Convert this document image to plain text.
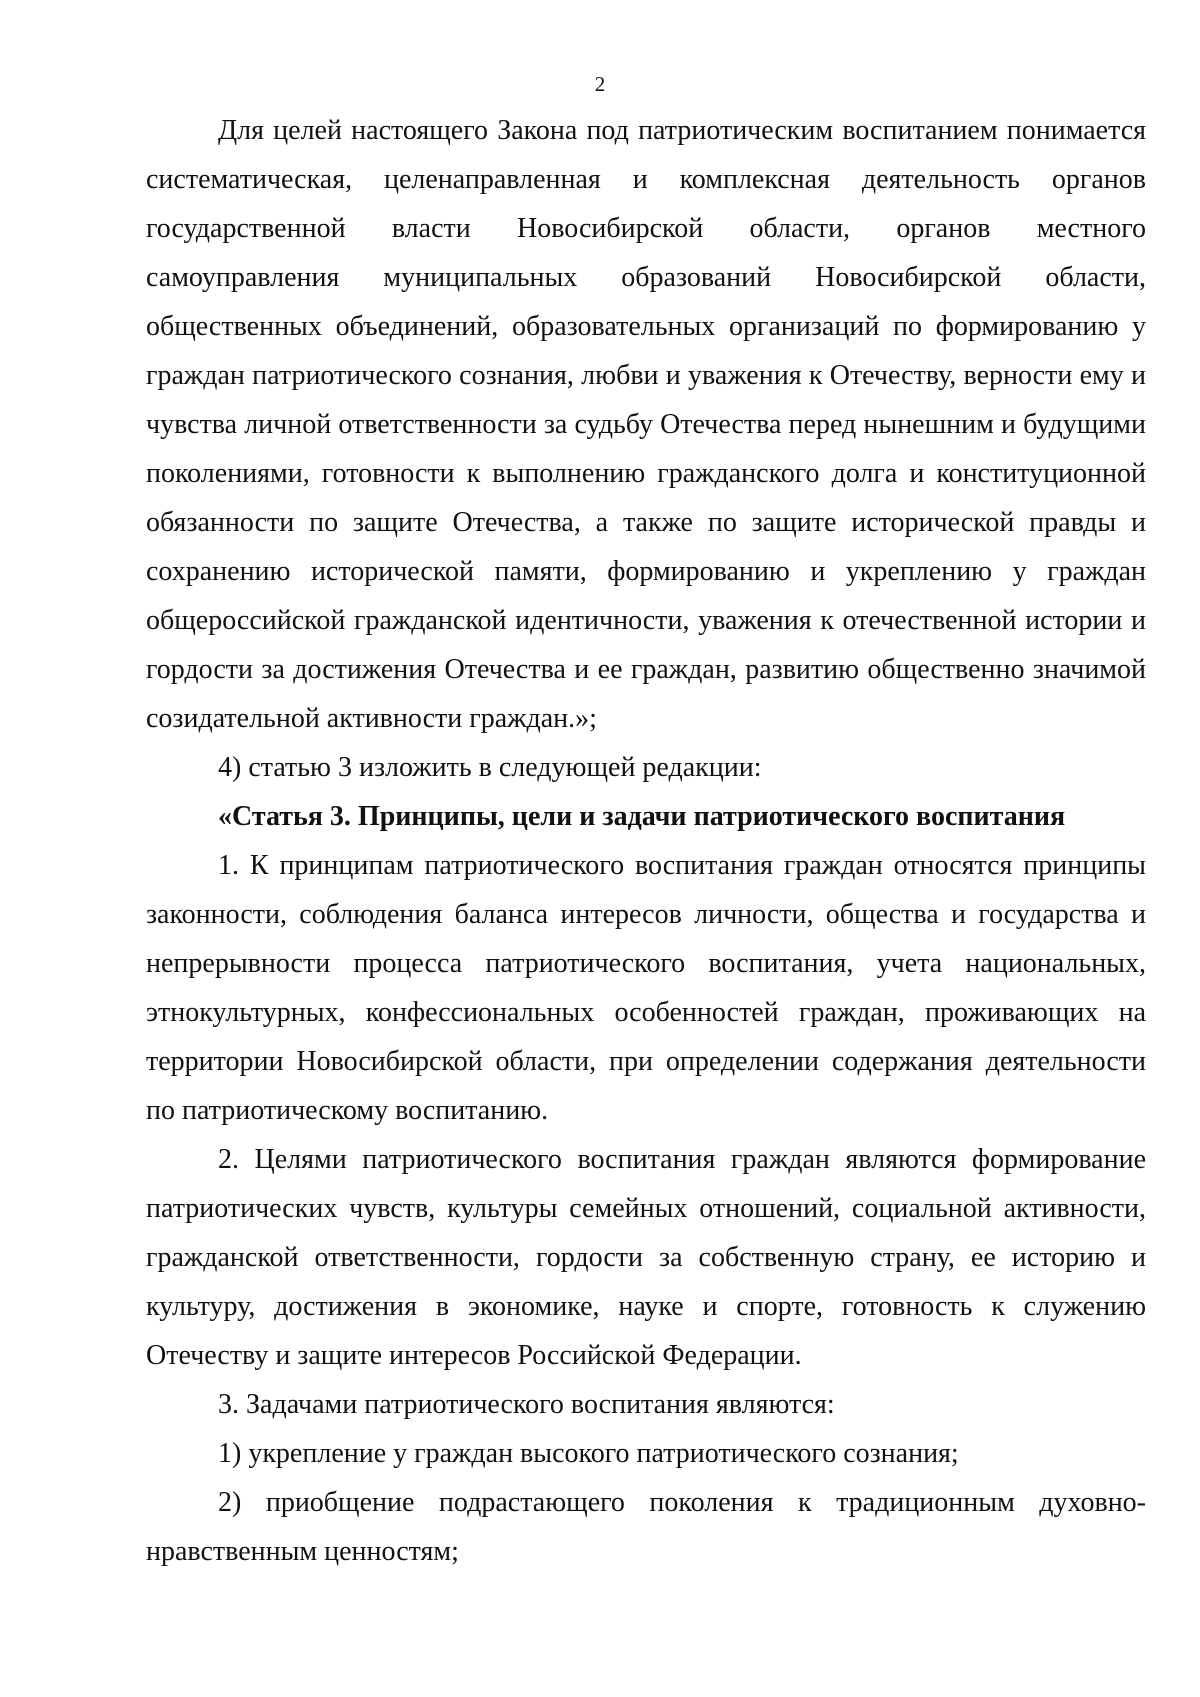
2

Для целей настоящего Закона под патриотическим воспитанием понимается систематическая, целенаправленная и комплексная деятельность органов государственной власти Новосибирской области, органов местного самоуправления муниципальных образований Новосибирской области, общественных объединений, образовательных организаций по формированию у граждан патриотического сознания, любви и уважения к Отечеству, верности ему и чувства личной ответственности за судьбу Отечества перед нынешним и будущими поколениями, готовности к выполнению гражданского долга и конституционной обязанности по защите Отечества, а также по защите исторической правды и сохранению исторической памяти, формированию и укреплению у граждан общероссийской гражданской идентичности, уважения к отечественной истории и гордости за достижения Отечества и ее граждан, развитию общественно значимой созидательной активности граждан.»;

4) статью 3 изложить в следующей редакции:

«Статья 3. Принципы, цели и задачи патриотического воспитания

1. К принципам патриотического воспитания граждан относятся принципы законности, соблюдения баланса интересов личности, общества и государства и непрерывности процесса патриотического воспитания, учета национальных, этнокультурных, конфессиональных особенностей граждан, проживающих на территории Новосибирской области, при определении содержания деятельности по патриотическому воспитанию.

2. Целями патриотического воспитания граждан являются формирование патриотических чувств, культуры семейных отношений, социальной активности, гражданской ответственности, гордости за собственную страну, ее историю и культуру, достижения в экономике, науке и спорте, готовность к служению Отечеству и защите интересов Российской Федерации.

3. Задачами патриотического воспитания являются:

1) укрепление у граждан высокого патриотического сознания;

2) приобщение подрастающего поколения к традиционным духовно-нравственным ценностям;
